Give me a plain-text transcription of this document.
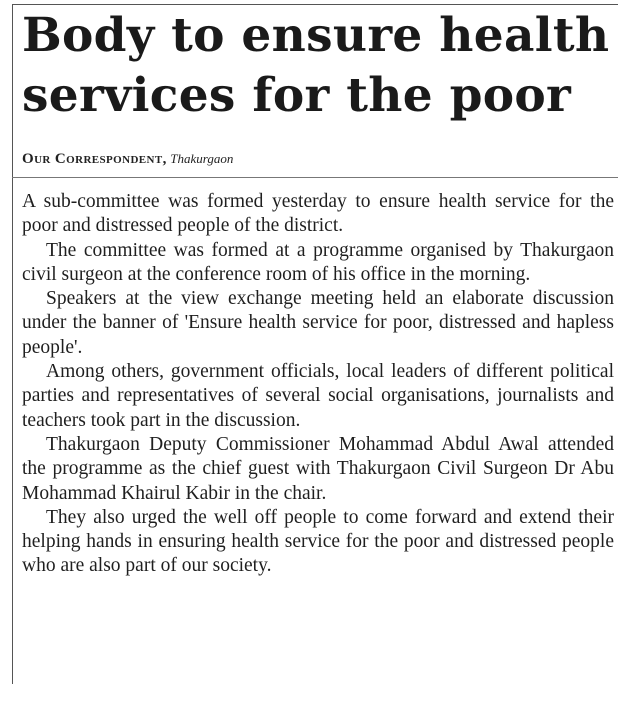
Body to ensure health
services for the poor
Our Correspondent, Thakurgaon

A sub-committee was formed yesterday to ensure health service for the poor and distressed people of the district.

The committee was formed at a programme organised by Thakurgaon civil surgeon at the conference room of his office in the morning.

Speakers at the view exchange meeting held an elaborate discussion under the banner of 'Ensure health service for poor, distressed and hapless people'.

Among others, government officials, local leaders of different political parties and representatives of several social organisations, journalists and teachers took part in the discussion.

Thakurgaon Deputy Commissioner Mohammad Abdul Awal attended the programme as the chief guest with Thakurgaon Civil Surgeon Dr Abu Mohammad Khairul Kabir in the chair.

They also urged the well off people to come forward and extend their helping hands in ensuring health service for the poor and distressed people who are also part of our society.
